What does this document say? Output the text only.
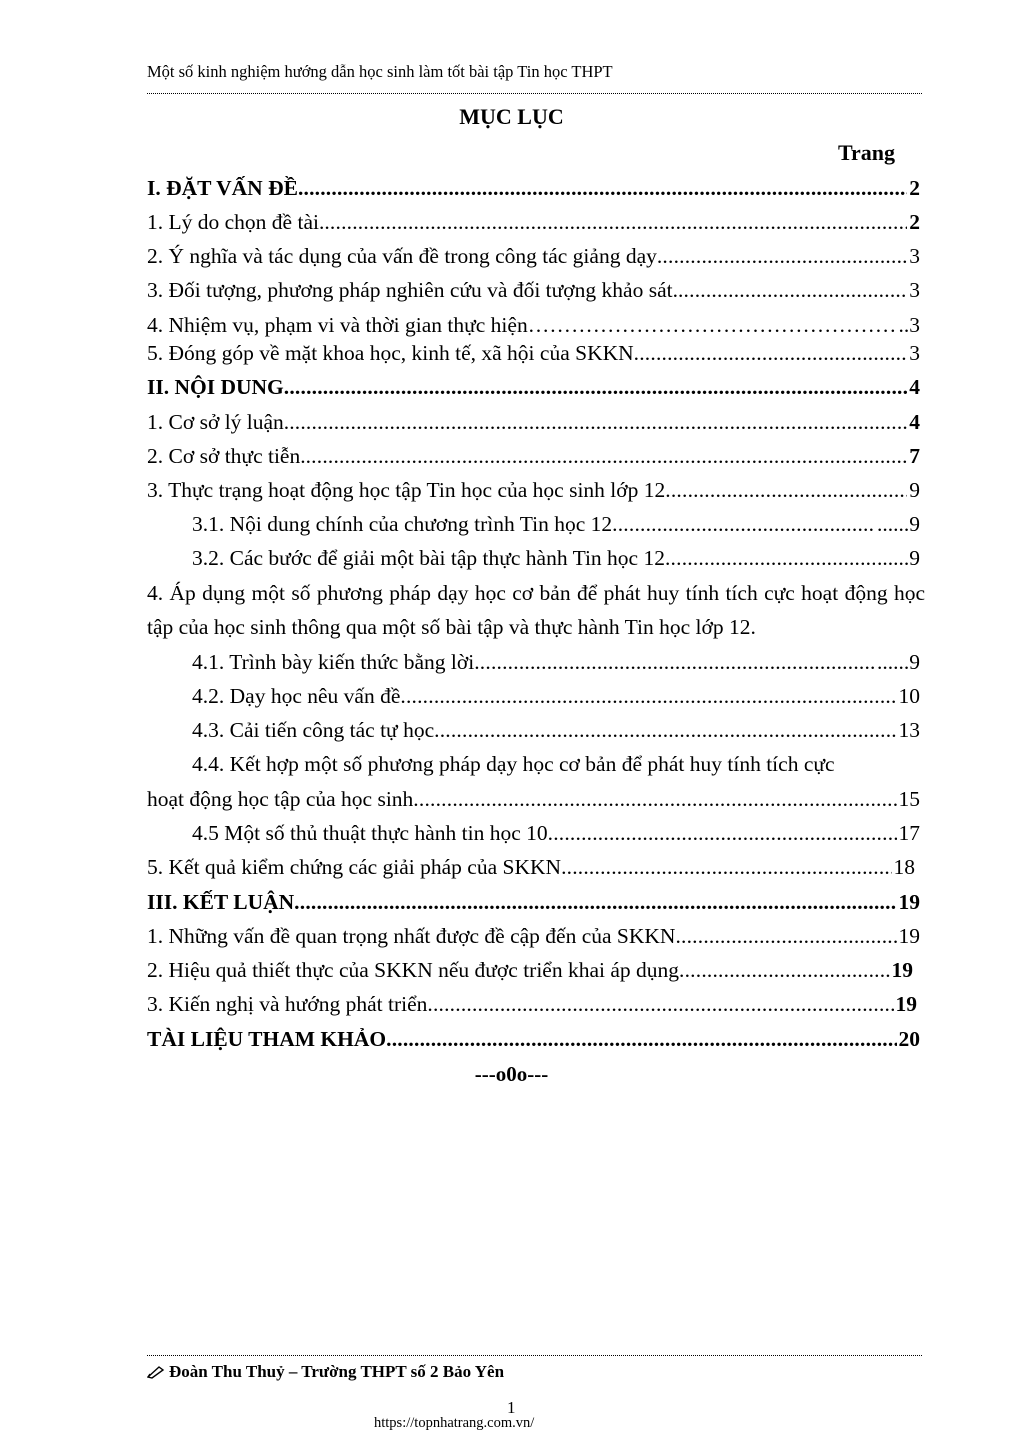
Một số kinh nghiệm hướng dẫn học sinh làm tốt bài tập Tin học THPT
MỤC LỤC
Trang
I. ĐẶT VẤN ĐỀ .....	2
1. Lý do chọn đề tài. .....	2
2. Ý nghĩa và tác dụng của vấn đề trong công tác giảng dạy .....	3
3. Đối tượng, phương pháp nghiên cứu và đối tượng khảo sát. .....	3
4. Nhiệm vụ, phạm vi và thời gian thực hiện ……………………………………………………………………………………………………	..3
5. Đóng góp về mặt khoa học, kinh tế, xã hội của SKKN .....	3
II. NỘI DUNG .....	4
1. Cơ sở lý luận. .....	4
2. Cơ sở thực tiễn. .....	7
3. Thực trạng hoạt động học tập Tin học của học sinh lớp 12 .....	9
3.1. Nội dung chính của chương trình Tin học 12 .....	......9
3.2. Các bước để giải một bài tập thực hành Tin học 12 .....	......9
4. Áp dụng một số phương pháp dạy học cơ bản để phát huy tính tích cực hoạt động học tập của học sinh thông qua một số bài tập và thực hành Tin học lớp 12.
4.1. Trình bày kiến thức bằng lời .....	......9
4.2. Dạy học nêu vấn đề .....	10
4.3. Cải tiến công tác tự học .....	13
4.4. Kết hợp một số phương pháp dạy học cơ bản để phát huy tính tích cực
hoạt động học tập của học sinh .....	15
4.5 Một số thủ thuật thực hành tin học 10 .....	17
5. Kết quả kiểm chứng các giải pháp của SKKN .....	18
III. KẾT LUẬN .....	19
1. Những vấn đề quan trọng nhất được đề cập đến của SKKN .....	19
2. Hiệu quả thiết thực của SKKN nếu được triển khai áp dụng .....	19
3. Kiến nghị và hướng phát triển .....	19
TÀI LIỆU THAM KHẢO .....	20
---o0o---
Đoàn Thu Thuỷ – Trường THPT số 2 Bảo Yên
1
https://topnhatrang.com.vn/
